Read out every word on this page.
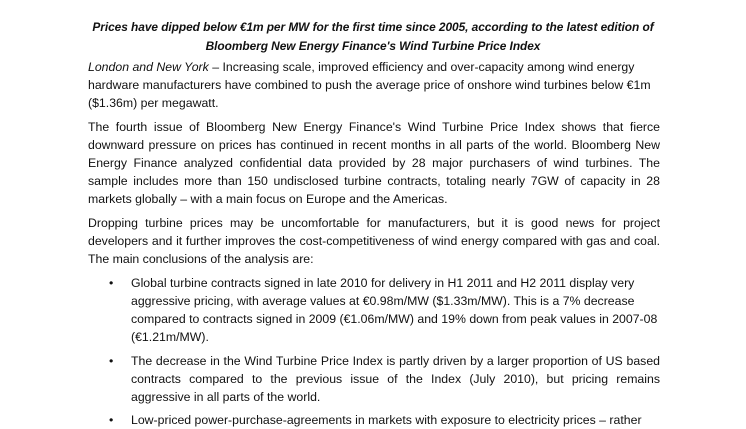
Prices have dipped below €1m per MW for the first time since 2005, according to the latest edition of
Bloomberg New Energy Finance's Wind Turbine Price Index

London and New York – Increasing scale, improved efficiency and over-capacity among wind energy hardware manufacturers have combined to push the average price of onshore wind turbines below €1m ($1.36m) per megawatt.

The fourth issue of Bloomberg New Energy Finance's Wind Turbine Price Index shows that fierce downward pressure on prices has continued in recent months in all parts of the world. Bloomberg New Energy Finance analyzed confidential data provided by 28 major purchasers of wind turbines. The sample includes more than 150 undisclosed turbine contracts, totaling nearly 7GW of capacity in 28 markets globally – with a main focus on Europe and the Americas.

Dropping turbine prices may be uncomfortable for manufacturers, but it is good news for project developers and it further improves the cost-competitiveness of wind energy compared with gas and coal. The main conclusions of the analysis are:

• Global turbine contracts signed in late 2010 for delivery in H1 2011 and H2 2011 display very aggressive pricing, with average values at €0.98m/MW ($1.33m/MW). This is a 7% decrease compared to contracts signed in 2009 (€1.06m/MW) and 19% down from peak values in 2007-08 (€1.21m/MW).
• The decrease in the Wind Turbine Price Index is partly driven by a larger proportion of US based contracts compared to the previous issue of the Index (July 2010), but pricing remains aggressive in all parts of the world.
• Low-priced power-purchase-agreements in markets with exposure to electricity prices – rather
